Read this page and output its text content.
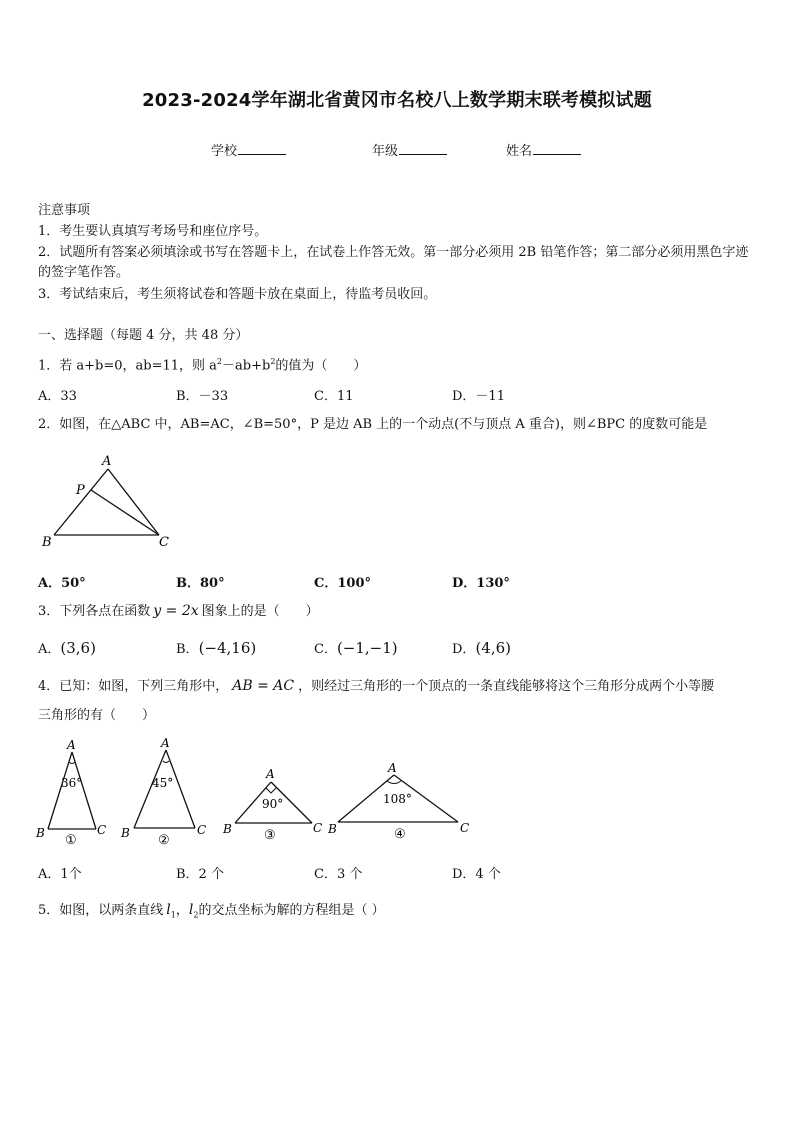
2023-2024学年湖北省黄冈市名校八上数学期末联考模拟试题
学校	年级	姓名
注意事项
1．考生要认真填写考场号和座位序号。
2．试题所有答案必须填涂或书写在答题卡上，在试卷上作答无效。第一部分必须用 2B 铅笔作答；第二部分必须用黑色字迹的签字笔作答。
3．考试结束后，考生须将试卷和答题卡放在桌面上，待监考员收回。
一、选择题（每题 4 分，共 48 分）
1．若 a+b=0，ab=11，则 $a^2-ab+b^2$的值为（　　）
A．33	B．－33	C．11	D．－11
2．如图，在△ABC 中，AB=AC，∠B=50°，P 是边 AB 上的一个动点(不与顶点 A 重合)，则∠BPC 的度数可能是
A
P
B	C
A．50°	B．80°	C．100°	D．130°
3．下列各点在函数 y = 2x 图象上的是（　　）
A．(3,6)	B．(−4,16)	C．(−1,−1)	D．(4,6)
4．已知：如图，下列三角形中， AB = AC ，则经过三角形的一个顶点的一条直线能够将这个三角形分成两个小等腰
三角形的有（　　）
A
36°
B	C
①
A
45°
B	C
②
A
90°
B	C
③
A
108°
B	C
④
A．1个	B．2 个	C．3 个	D．4 个
5．如图，以两条直线 $l_1$，$l_2$的交点坐标为解的方程组是（ ）
